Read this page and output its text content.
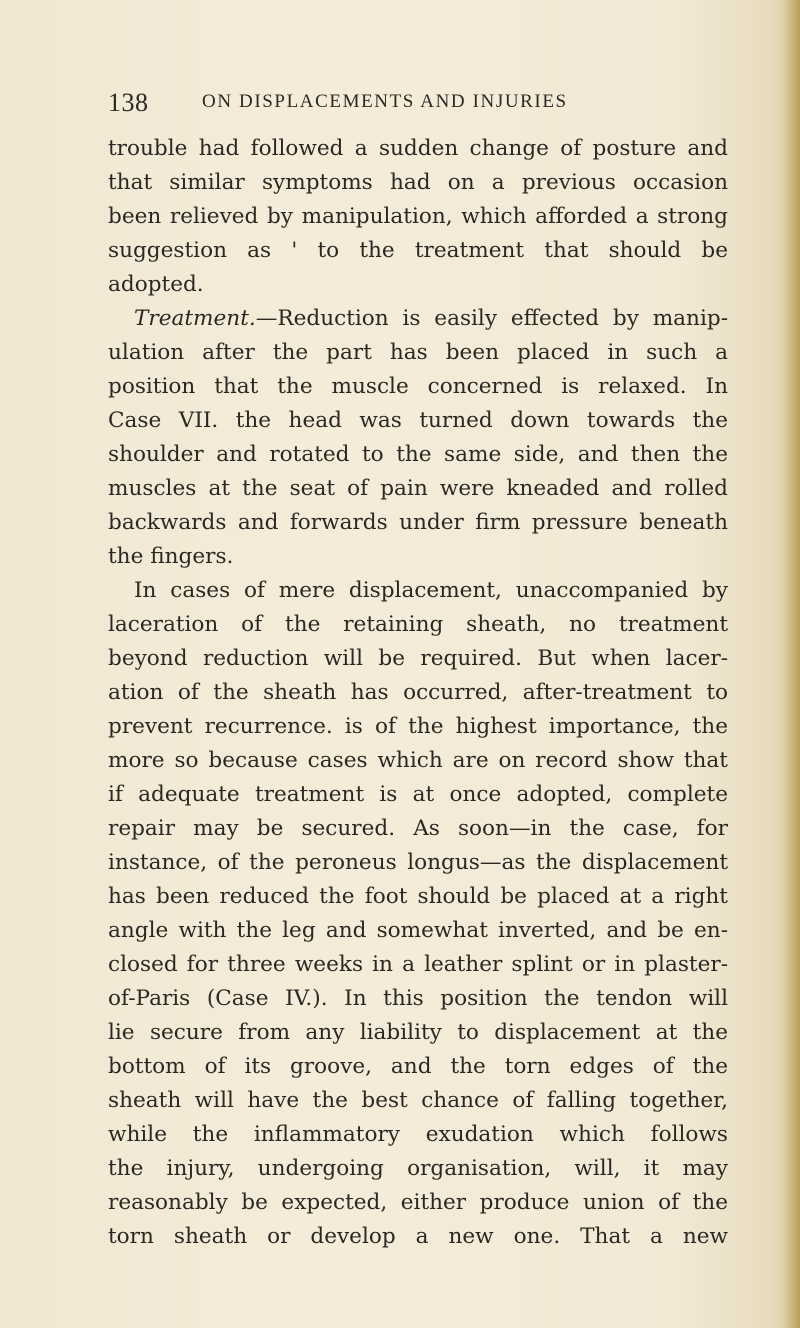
138	ON DISPLACEMENTS AND INJURIES
trouble had followed a sudden change of posture and
that similar symptoms had on a previous occasion
been relieved by manipulation, which afforded a strong
suggestion as ' to the treatment that should be
adopted.
Treatment.—Reduction is easily effected by manip-
ulation after the part has been placed in such a
position that the muscle concerned is relaxed. In
Case VII. the head was turned down towards the
shoulder and rotated to the same side, and then the
muscles at the seat of pain were kneaded and rolled
backwards and forwards under firm pressure beneath
the fingers.
In cases of mere displacement, unaccompanied by
laceration of the retaining sheath, no treatment
beyond reduction will be required. But when lacer-
ation of the sheath has occurred, after-treatment to
prevent recurrence. is of the highest importance, the
more so because cases which are on record show that
if adequate treatment is at once adopted, complete
repair may be secured. As soon—in the case, for
instance, of the peroneus longus—as the displacement
has been reduced the foot should be placed at a right
angle with the leg and somewhat inverted, and be en-
closed for three weeks in a leather splint or in plaster-
of-Paris (Case IV.). In this position the tendon will
lie secure from any liability to displacement at the
bottom of its groove, and the torn edges of the
sheath will have the best chance of falling together,
while the inflammatory exudation which follows
the injury, undergoing organisation, will, it may
reasonably be expected, either produce union of the
torn sheath or develop a new one. That a new
